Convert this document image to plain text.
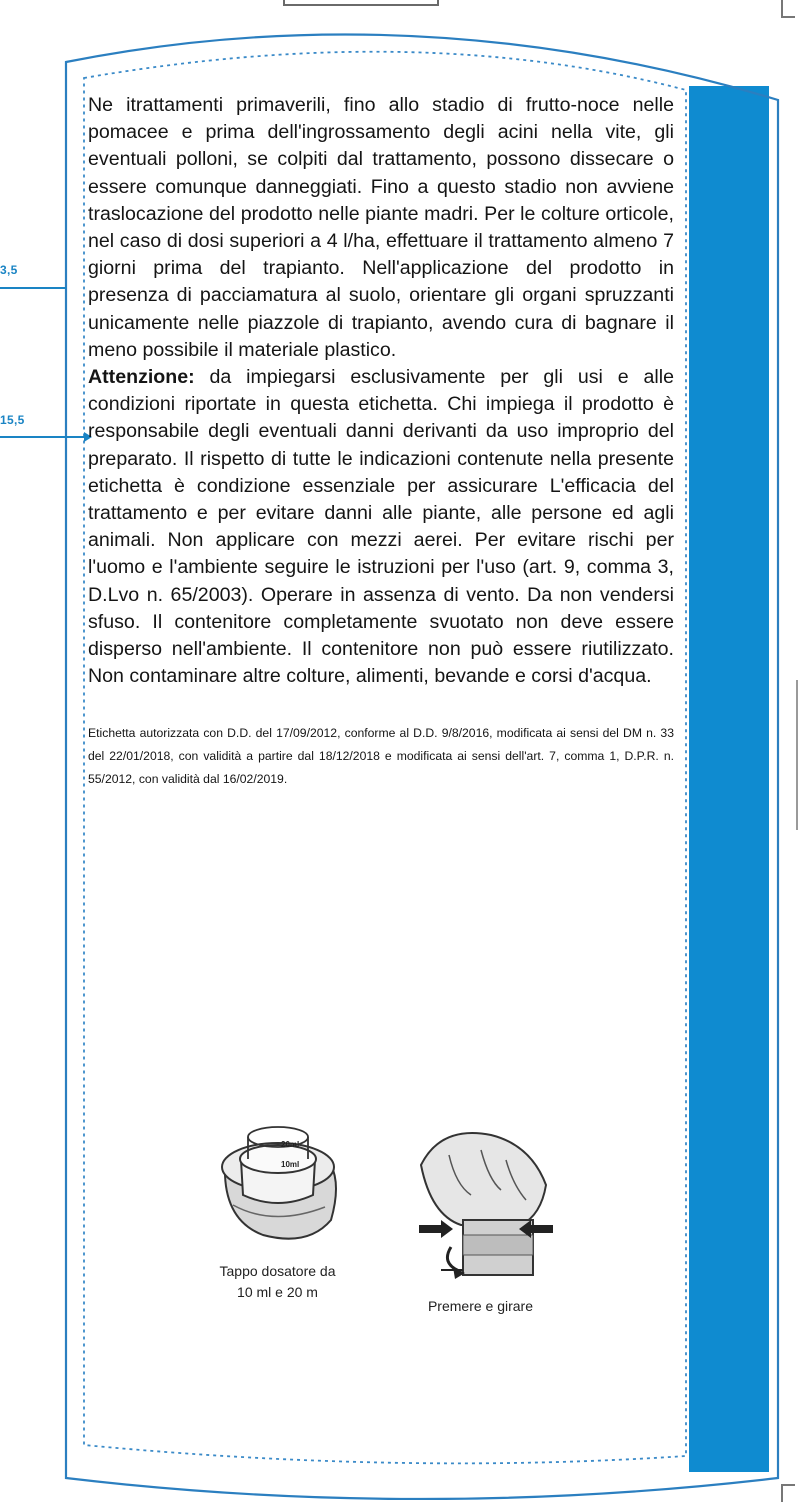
3,5
15,5

Ne itrattamenti primaverili, fino allo stadio di frutto-noce nelle pomacee e prima dell'ingrossamento degli acini nella vite, gli eventuali polloni, se colpiti dal trattamento, possono dissecare o essere comunque danneggiati. Fino a questo stadio non avviene traslocazione del prodotto nelle piante madri. Per le colture orticole, nel caso di dosi superiori a 4 l/ha, effettuare il trattamento almeno 7 giorni prima del trapianto. Nell'applicazione del prodotto in presenza di pacciamatura al suolo, orientare gli organi spruzzanti unicamente nelle piazzole di trapianto, avendo cura di bagnare il meno possibile il materiale plastico.

Attenzione: da impiegarsi esclusivamente per gli usi e alle condizioni riportate in questa etichetta. Chi impiega il prodotto è responsabile degli eventuali danni derivanti da uso improprio del preparato. Il rispetto di tutte le indicazioni contenute nella presente etichetta è condizione essenziale per assicurare L'efficacia del trattamento e per evitare danni alle piante, alle persone ed agli animali. Non applicare con mezzi aerei. Per evitare rischi per l'uomo e l'ambiente seguire le istruzioni per l'uso (art. 9, comma 3, D.Lvo n. 65/2003). Operare in assenza di vento. Da non vendersi sfuso. Il contenitore completamente svuotato non deve essere disperso nell'ambiente. Il contenitore non può essere riutilizzato. Non contaminare altre colture, alimenti, bevande e corsi d'acqua.

Etichetta autorizzata con D.D. del 17/09/2012, conforme al D.D. 9/8/2016, modificata ai sensi del DM n. 33 del 22/01/2018, con validità a partire dal 18/12/2018 e modificata ai sensi dell'art. 7, comma 1, D.P.R. n. 55/2012, con validità dal 16/02/2019.
20ml
10ml
Tappo dosatore da
10 ml e 20 m
Premere e girare
